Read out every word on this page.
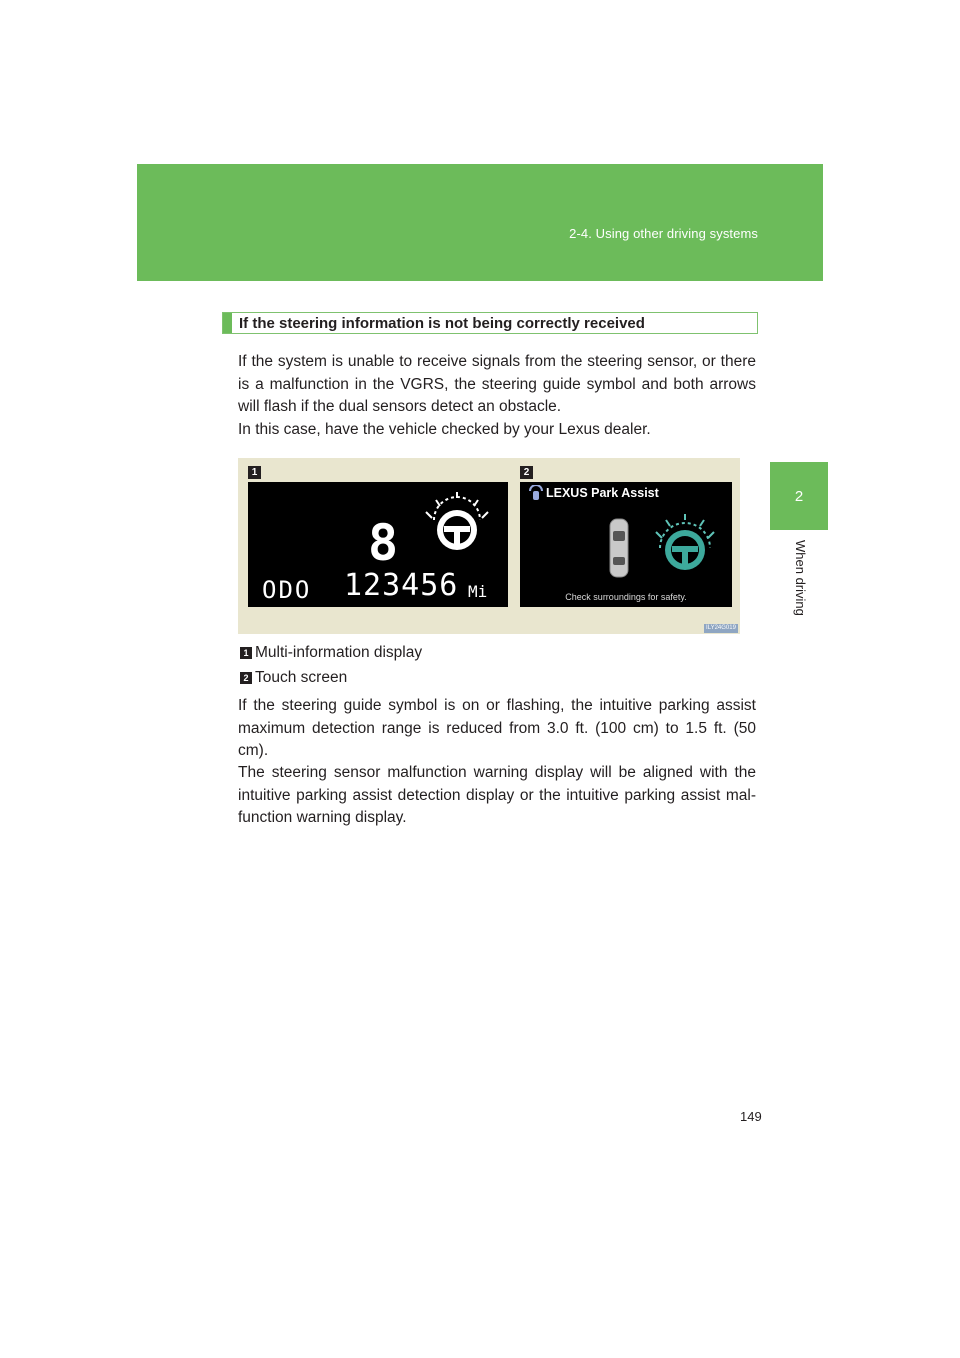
2-4. Using other driving systems
2
When driving
If the steering information is not being correctly received

If the system is unable to receive signals from the steering sensor, or there is a malfunction in the VGRS, the steering guide symbol and both arrows will flash if the dual sensors detect an obstacle.

In this case, have the vehicle checked by your Lexus dealer.

1	2
8
ODO 123456 Mi
LEXUS Park Assist
Check surroundings for safety.
ILY24G019
1 Multi-information display
2 Touch screen

If the steering guide symbol is on or flashing, the intuitive parking assist maximum detection range is reduced from 3.0 ft. (100 cm) to 1.5 ft. (50 cm).

The steering sensor malfunction warning display will be aligned with the intuitive parking assist detection display or the intuitive parking assist mal-function warning display.

149
